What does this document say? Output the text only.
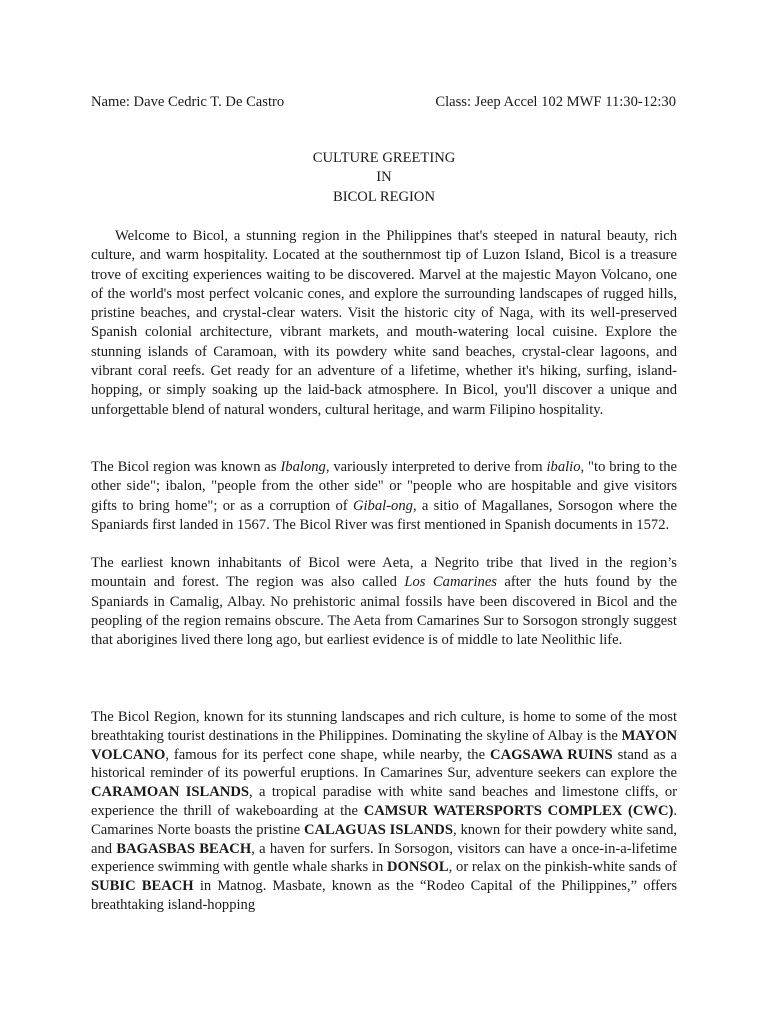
Name: Dave Cedric T. De Castro	Class: Jeep Accel 102 MWF 11:30-12:30
CULTURE GREETING
IN
BICOL REGION

Welcome to Bicol, a stunning region in the Philippines that's steeped in natural beauty, rich culture, and warm hospitality. Located at the southernmost tip of Luzon Island, Bicol is a treasure trove of exciting experiences waiting to be discovered. Marvel at the majestic Mayon Volcano, one of the world's most perfect volcanic cones, and explore the surrounding landscapes of rugged hills, pristine beaches, and crystal-clear waters. Visit the historic city of Naga, with its well-preserved Spanish colonial architecture, vibrant markets, and mouth-watering local cuisine. Explore the stunning islands of Caramoan, with its powdery white sand beaches, crystal-clear lagoons, and vibrant coral reefs. Get ready for an adventure of a lifetime, whether it's hiking, surfing, island-hopping, or simply soaking up the laid-back atmosphere. In Bicol, you'll discover a unique and unforgettable blend of natural wonders, cultural heritage, and warm Filipino hospitality.

The Bicol region was known as Ibalong, variously interpreted to derive from ibalio, "to bring to the other side"; ibalon, "people from the other side" or "people who are hospitable and give visitors gifts to bring home"; or as a corruption of Gibal-ong, a sitio of Magallanes, Sorsogon where the Spaniards first landed in 1567. The Bicol River was first mentioned in Spanish documents in 1572.

The earliest known inhabitants of Bicol were Aeta, a Negrito tribe that lived in the region’s mountain and forest. The region was also called Los Camarines after the huts found by the Spaniards in Camalig, Albay. No prehistoric animal fossils have been discovered in Bicol and the peopling of the region remains obscure. The Aeta from Camarines Sur to Sorsogon strongly suggest that aborigines lived there long ago, but earliest evidence is of middle to late Neolithic life.

The Bicol Region, known for its stunning landscapes and rich culture, is home to some of the most breathtaking tourist destinations in the Philippines. Dominating the skyline of Albay is the MAYON VOLCANO, famous for its perfect cone shape, while nearby, the CAGSAWA RUINS stand as a historical reminder of its powerful eruptions. In Camarines Sur, adventure seekers can explore the CARAMOAN ISLANDS, a tropical paradise with white sand beaches and limestone cliffs, or experience the thrill of wakeboarding at the CAMSUR WATERSPORTS COMPLEX (CWC). Camarines Norte boasts the pristine CALAGUAS ISLANDS, known for their powdery white sand, and BAGASBAS BEACH, a haven for surfers. In Sorsogon, visitors can have a once-in-a-lifetime experience swimming with gentle whale sharks in DONSOL, or relax on the pinkish-white sands of SUBIC BEACH in Matnog. Masbate, known as the “Rodeo Capital of the Philippines,” offers breathtaking island-hopping
